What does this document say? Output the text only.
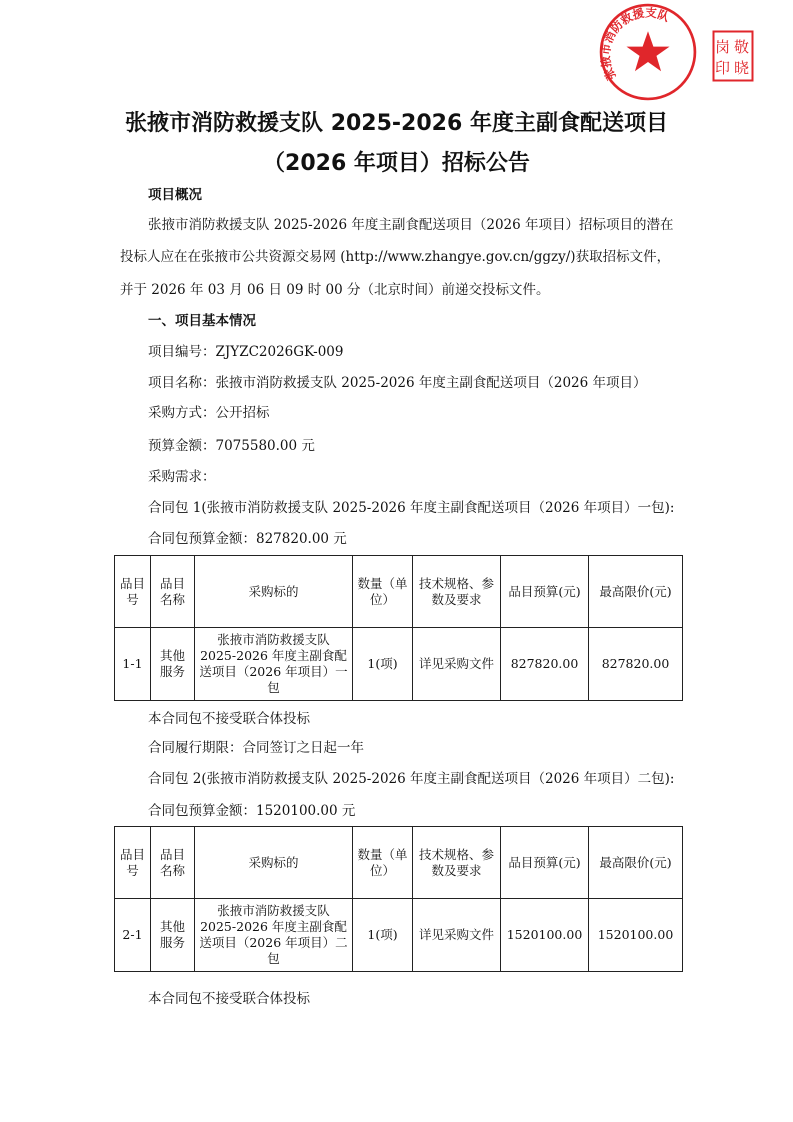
张掖市消防救援支队 2025-2026 年度主副食配送项目
（2026 年项目）招标公告
张掖市消防救援支队
敬
岗
晓
印
项目概况
张掖市消防救援支队 2025-2026 年度主副食配送项目（2026 年项目）招标项目的潜在
投标人应在在张掖市公共资源交易网 (http://www.zhangye.gov.cn/ggzy/)获取招标文件，
并于 2026 年 03 月 06 日 09 时 00 分（北京时间）前递交投标文件。
一、项目基本情况
项目编号：ZJYZC2026GK-009
项目名称：张掖市消防救援支队 2025-2026 年度主副食配送项目（2026 年项目）
采购方式：公开招标
预算金额：7075580.00 元
采购需求：
合同包 1(张掖市消防救援支队 2025-2026 年度主副食配送项目（2026 年项目）一包):
合同包预算金额：827820.00 元
品目号	品目名称	采购标的	数量（单位）	技术规格、参数及要求	品目预算(元)	最高限价(元)
1-1	其他服务	张掖市消防救援支队 2025-2026 年度主副食配送项目（2026 年项目）一包	1(项)	详见采购文件	827820.00	827820.00
本合同包不接受联合体投标
合同履行期限：合同签订之日起一年
合同包 2(张掖市消防救援支队 2025-2026 年度主副食配送项目（2026 年项目）二包):
合同包预算金额：1520100.00 元
品目号	品目名称	采购标的	数量（单位）	技术规格、参数及要求	品目预算(元)	最高限价(元)
2-1	其他服务	张掖市消防救援支队 2025-2026 年度主副食配送项目（2026 年项目）二包	1(项)	详见采购文件	1520100.00	1520100.00
本合同包不接受联合体投标
